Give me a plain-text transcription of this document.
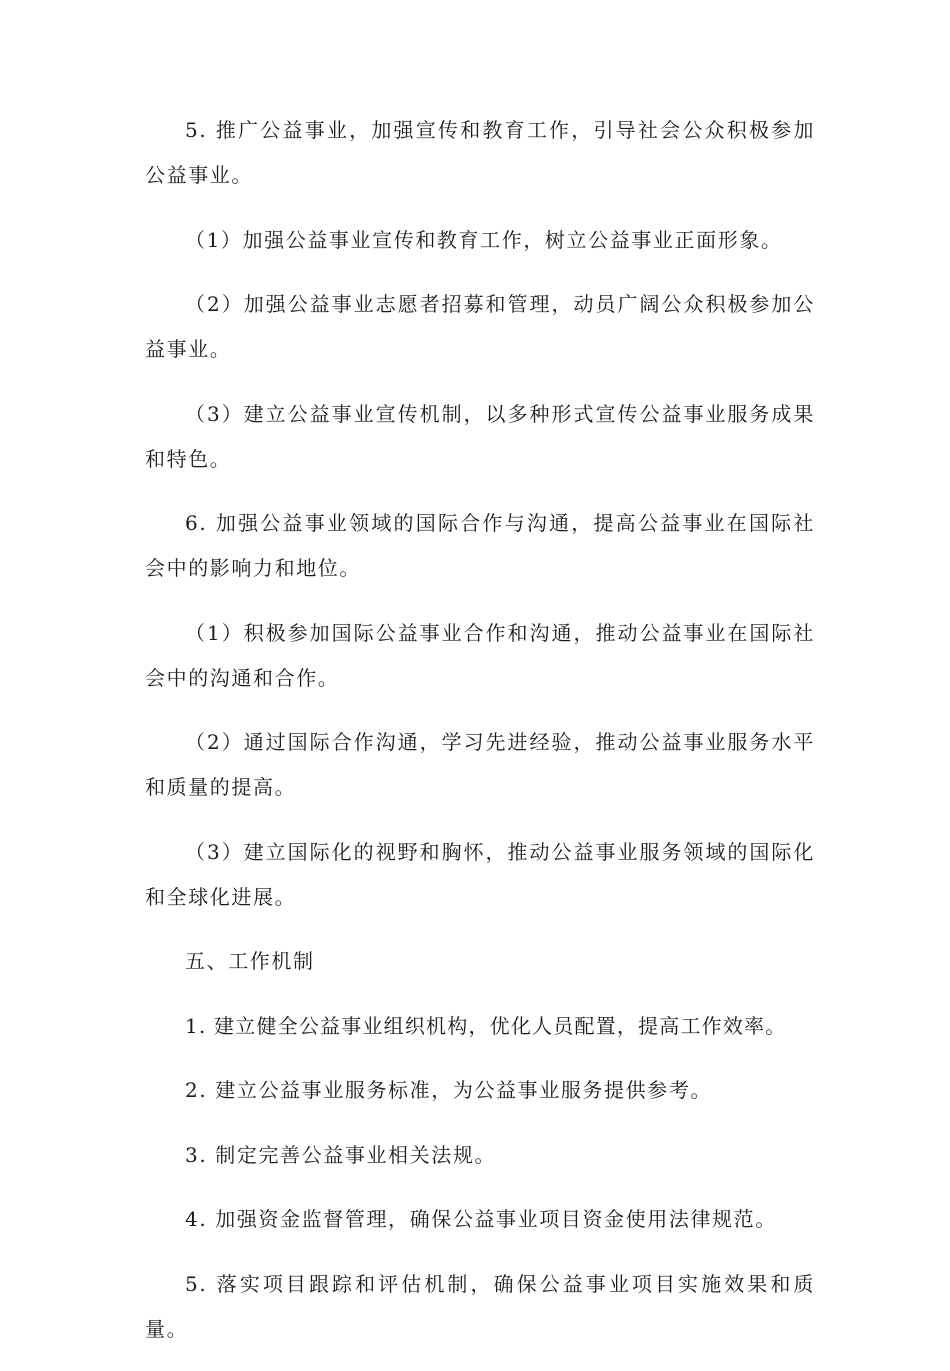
5. 推广公益事业，加强宣传和教育工作，引导社会公众积极参加公益事业。

（1）加强公益事业宣传和教育工作，树立公益事业正面形象。

（2）加强公益事业志愿者招募和管理，动员广阔公众积极参加公益事业。

（3）建立公益事业宣传机制，以多种形式宣传公益事业服务成果和特色。

6. 加强公益事业领域的国际合作与沟通，提高公益事业在国际社会中的影响力和地位。

（1）积极参加国际公益事业合作和沟通，推动公益事业在国际社会中的沟通和合作。

（2）通过国际合作沟通，学习先进经验，推动公益事业服务水平和质量的提高。

（3）建立国际化的视野和胸怀，推动公益事业服务领域的国际化和全球化进展。

五、工作机制

1. 建立健全公益事业组织机构，优化人员配置，提高工作效率。

2. 建立公益事业服务标准，为公益事业服务提供参考。

3. 制定完善公益事业相关法规。

4. 加强资金监督管理，确保公益事业项目资金使用法律规范。

5. 落实项目跟踪和评估机制，确保公益事业项目实施效果和质量。
